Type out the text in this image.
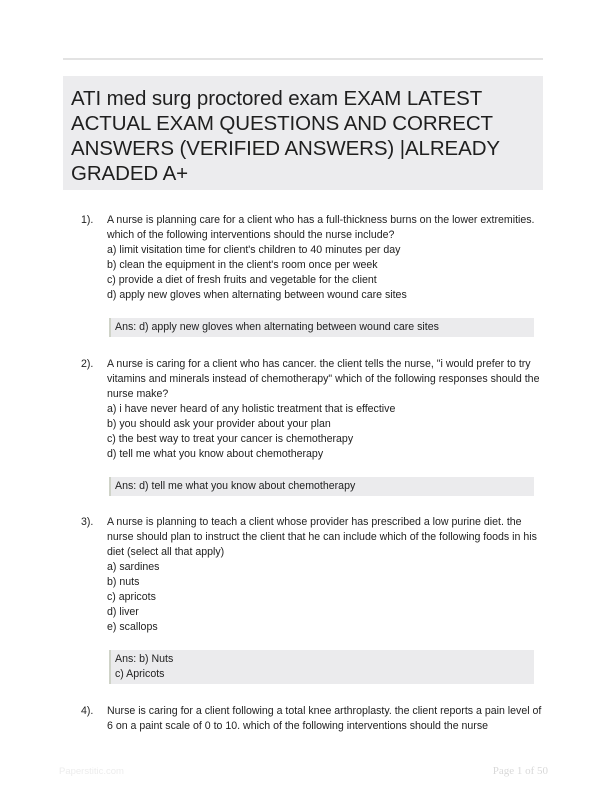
ATI med surg proctored exam EXAM LATEST ACTUAL EXAM QUESTIONS AND CORRECT ANSWERS (VERIFIED ANSWERS) |ALREADY GRADED A+
1). A nurse is planning care for a client who has a full-thickness burns on the lower extremities. which of the following interventions should the nurse include?
a) limit visitation time for client's children to 40 minutes per day
b) clean the equipment in the client's room once per week
c) provide a diet of fresh fruits and vegetable for the client
d) apply new gloves when alternating between wound care sites
Ans: d) apply new gloves when alternating between wound care sites
2). A nurse is caring for a client who has cancer. the client tells the nurse, "i would prefer to try vitamins and minerals instead of chemotherapy" which of the following responses should the nurse make?
a) i have never heard of any holistic treatment that is effective
b) you should ask your provider about your plan
c) the best way to treat your cancer is chemotherapy
d) tell me what you know about chemotherapy
Ans: d) tell me what you know about chemotherapy
3). A nurse is planning to teach a client whose provider has prescribed a low purine diet. the nurse should plan to instruct the client that he can include which of the following foods in his diet (select all that apply)
a) sardines
b) nuts
c) apricots
d) liver
e) scallops
Ans: b) Nuts
c) Apricots
4). Nurse is caring for a client following a total knee arthroplasty. the client reports a pain level of 6 on a paint scale of 0 to 10. which of the following interventions should the nurse
Paperstitic.com	Page 1 of 50
